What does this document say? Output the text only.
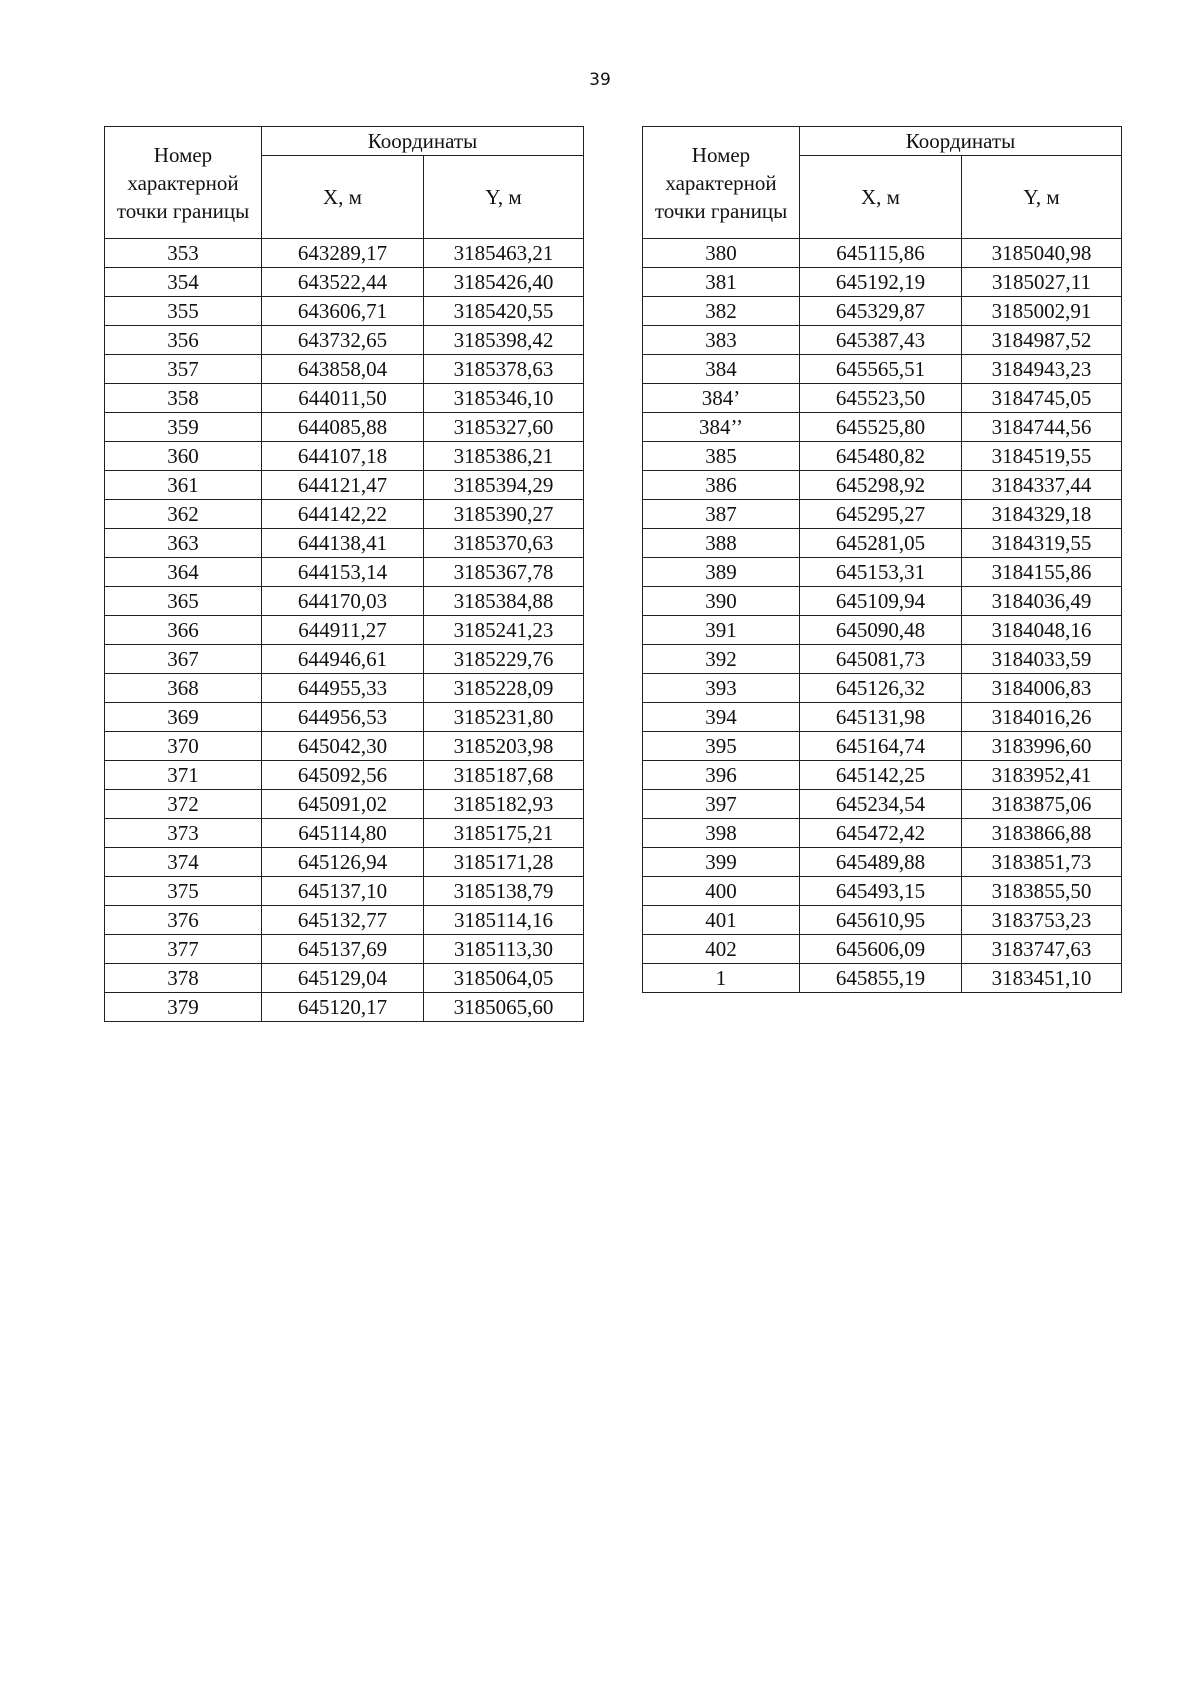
39
Номер характерной точки границы	Координаты	
	X, м	Y, м
353	643289,17	3185463,21
354	643522,44	3185426,40
355	643606,71	3185420,55
356	643732,65	3185398,42
357	643858,04	3185378,63
358	644011,50	3185346,10
359	644085,88	3185327,60
360	644107,18	3185386,21
361	644121,47	3185394,29
362	644142,22	3185390,27
363	644138,41	3185370,63
364	644153,14	3185367,78
365	644170,03	3185384,88
366	644911,27	3185241,23
367	644946,61	3185229,76
368	644955,33	3185228,09
369	644956,53	3185231,80
370	645042,30	3185203,98
371	645092,56	3185187,68
372	645091,02	3185182,93
373	645114,80	3185175,21
374	645126,94	3185171,28
375	645137,10	3185138,79
376	645132,77	3185114,16
377	645137,69	3185113,30
378	645129,04	3185064,05
379	645120,17	3185065,60
Номер характерной точки границы	Координаты	
	X, м	Y, м
380	645115,86	3185040,98
381	645192,19	3185027,11
382	645329,87	3185002,91
383	645387,43	3184987,52
384	645565,51	3184943,23
384’	645523,50	3184745,05
384’’	645525,80	3184744,56
385	645480,82	3184519,55
386	645298,92	3184337,44
387	645295,27	3184329,18
388	645281,05	3184319,55
389	645153,31	3184155,86
390	645109,94	3184036,49
391	645090,48	3184048,16
392	645081,73	3184033,59
393	645126,32	3184006,83
394	645131,98	3184016,26
395	645164,74	3183996,60
396	645142,25	3183952,41
397	645234,54	3183875,06
398	645472,42	3183866,88
399	645489,88	3183851,73
400	645493,15	3183855,50
401	645610,95	3183753,23
402	645606,09	3183747,63
1	645855,19	3183451,10
